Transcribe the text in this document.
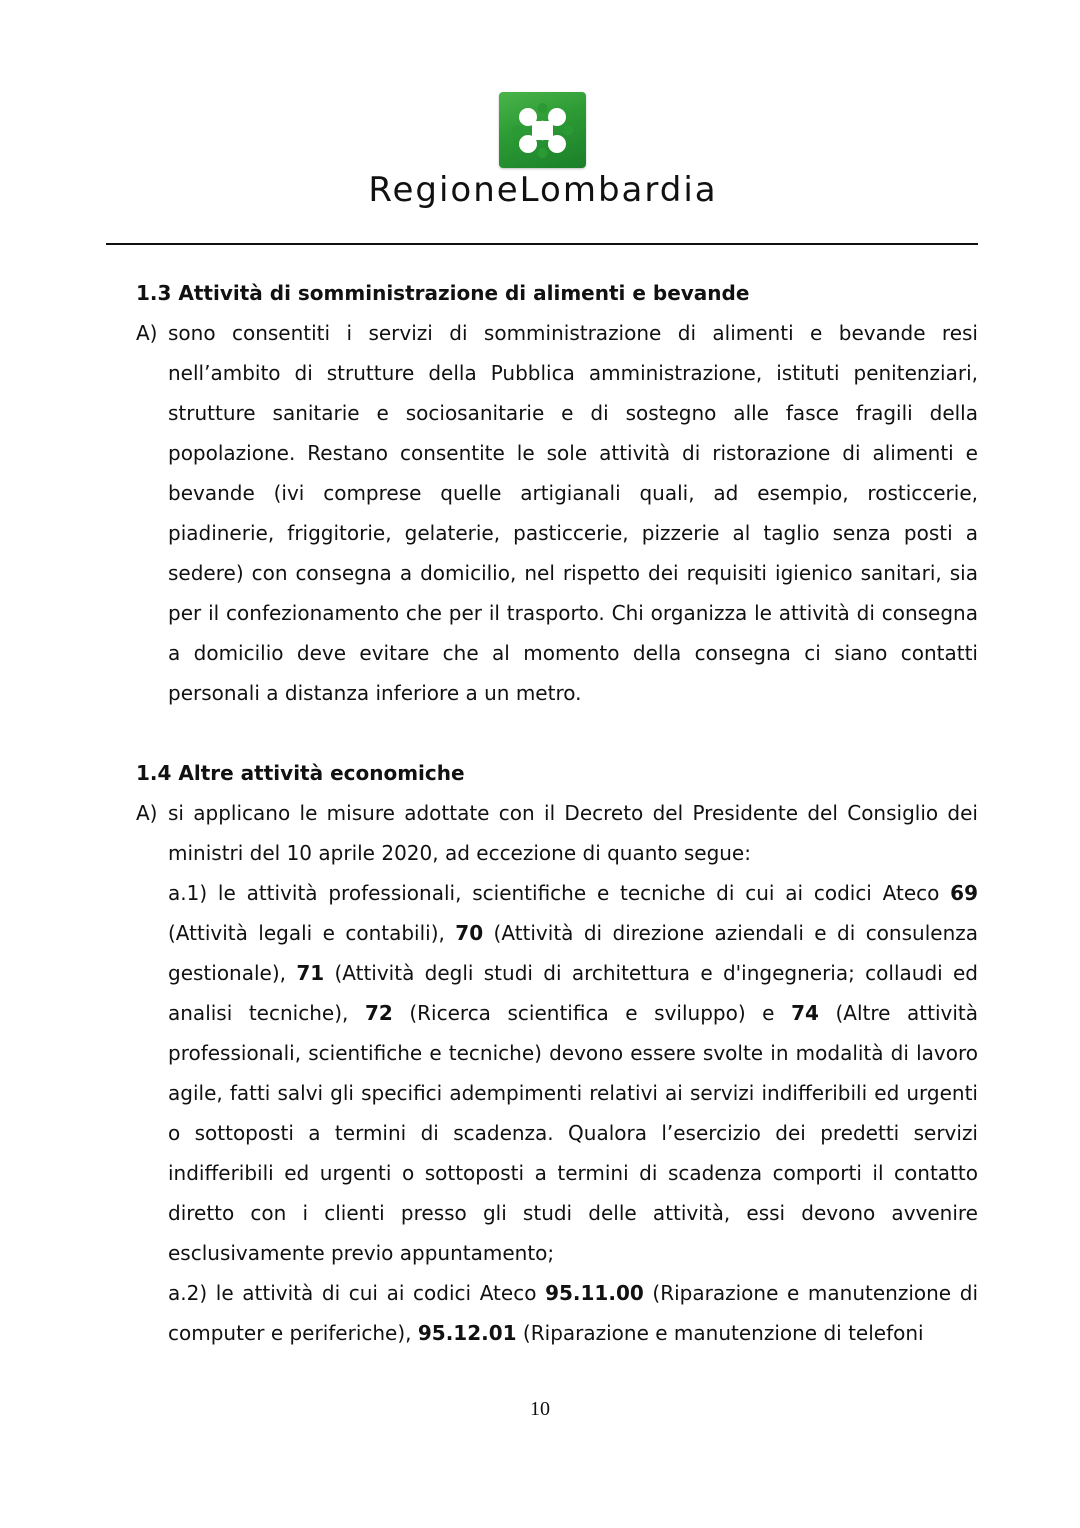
RegioneLombardia

1.3 Attività di somministrazione di alimenti e bevande

A) sono consentiti i servizi di somministrazione di alimenti e bevande resi nell’ambito di strutture della Pubblica amministrazione, istituti penitenziari, strutture sanitarie e sociosanitarie e di sostegno alle fasce fragili della popolazione. Restano consentite le sole attività di ristorazione di alimenti e bevande (ivi comprese quelle artigianali quali, ad esempio, rosticcerie, piadinerie, friggitorie, gelaterie, pasticcerie, pizzerie al taglio senza posti a sedere) con consegna a domicilio, nel rispetto dei requisiti igienico sanitari, sia per il confezionamento che per il trasporto. Chi organizza le attività di consegna a domicilio deve evitare che al momento della consegna ci siano contatti personali a distanza inferiore a un metro.

1.4 Altre attività economiche

A) si applicano le misure adottate con il Decreto del Presidente del Consiglio dei ministri del 10 aprile 2020, ad eccezione di quanto segue:

a.1) le attività professionali, scientifiche e tecniche di cui ai codici Ateco 69 (Attività legali e contabili), 70 (Attività di direzione aziendali e di consulenza gestionale), 71 (Attività degli studi di architettura e d'ingegneria; collaudi ed analisi tecniche), 72 (Ricerca scientifica e sviluppo) e 74 (Altre attività professionali, scientifiche e tecniche) devono essere svolte in modalità di lavoro agile, fatti salvi gli specifici adempimenti relativi ai servizi indifferibili ed urgenti o sottoposti a termini di scadenza. Qualora l’esercizio dei predetti servizi indifferibili ed urgenti o sottoposti a termini di scadenza comporti il contatto diretto con i clienti presso gli studi delle attività, essi devono avvenire esclusivamente previo appuntamento;

a.2) le attività di cui ai codici Ateco 95.11.00 (Riparazione e manutenzione di computer e periferiche), 95.12.01 (Riparazione e manutenzione di telefoni

10
